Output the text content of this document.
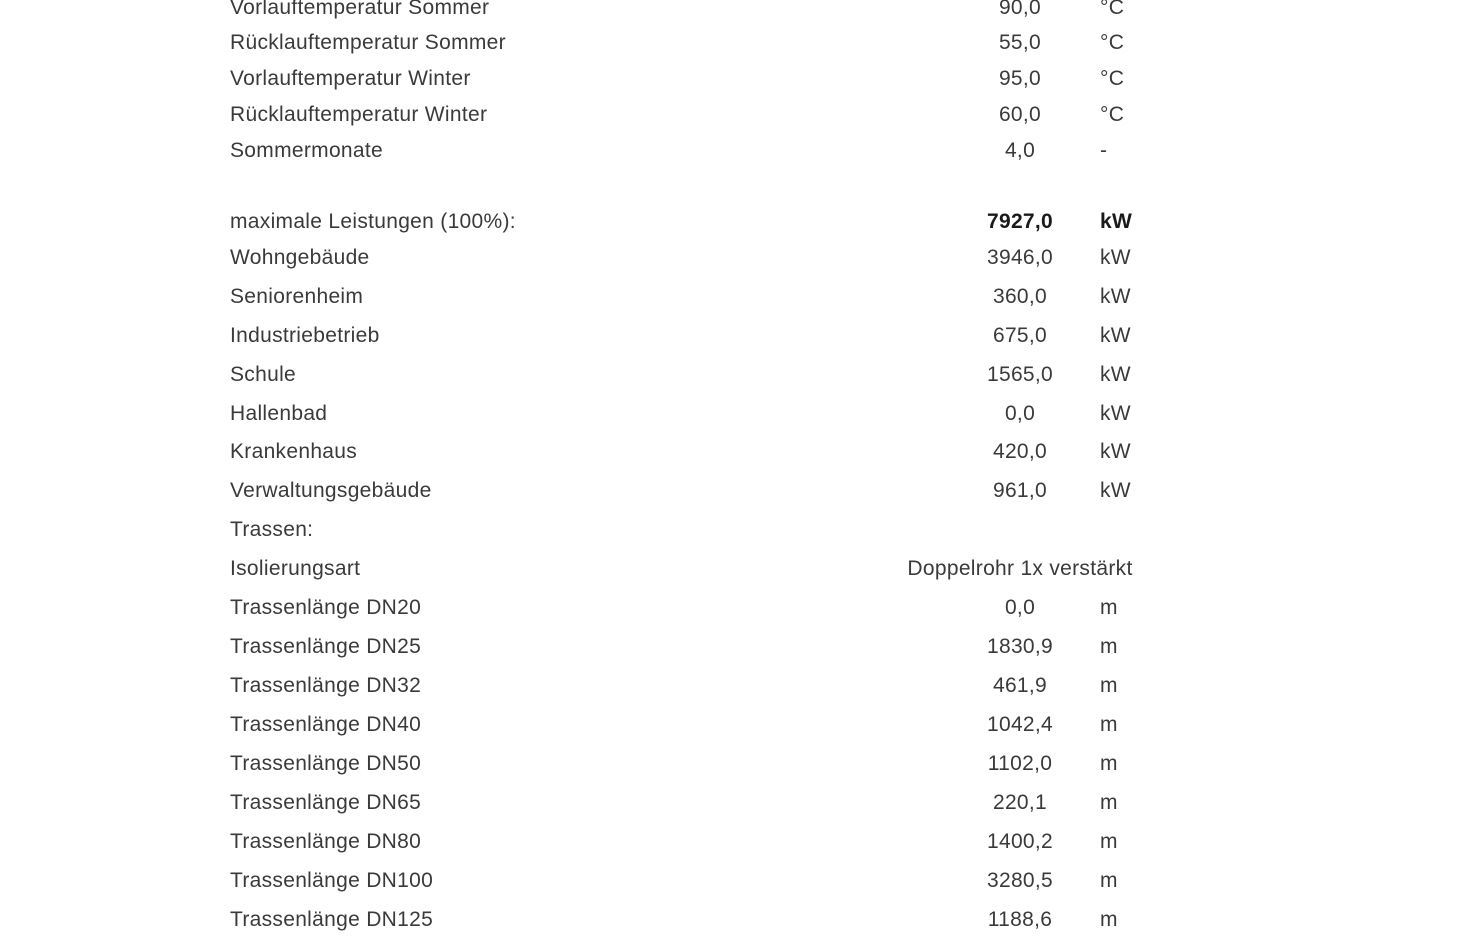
Vorlauftemperatur Sommer	90,0	°C
Rücklauftemperatur Sommer	55,0	°C
Vorlauftemperatur Winter	95,0	°C
Rücklauftemperatur Winter	60,0	°C
Sommermonate	4,0	-
maximale Leistungen (100%):	7927,0	kW
Wohngebäude	3946,0	kW
Seniorenheim	360,0	kW
Industriebetrieb	675,0	kW
Schule	1565,0	kW
Hallenbad	0,0	kW
Krankenhaus	420,0	kW
Verwaltungsgebäude	961,0	kW
Trassen:
Isolierungsart	Doppelrohr 1x verstärkt
Trassenlänge DN20	0,0	m
Trassenlänge DN25	1830,9	m
Trassenlänge DN32	461,9	m
Trassenlänge DN40	1042,4	m
Trassenlänge DN50	1102,0	m
Trassenlänge DN65	220,1	m
Trassenlänge DN80	1400,2	m
Trassenlänge DN100	3280,5	m
Trassenlänge DN125	1188,6	m
